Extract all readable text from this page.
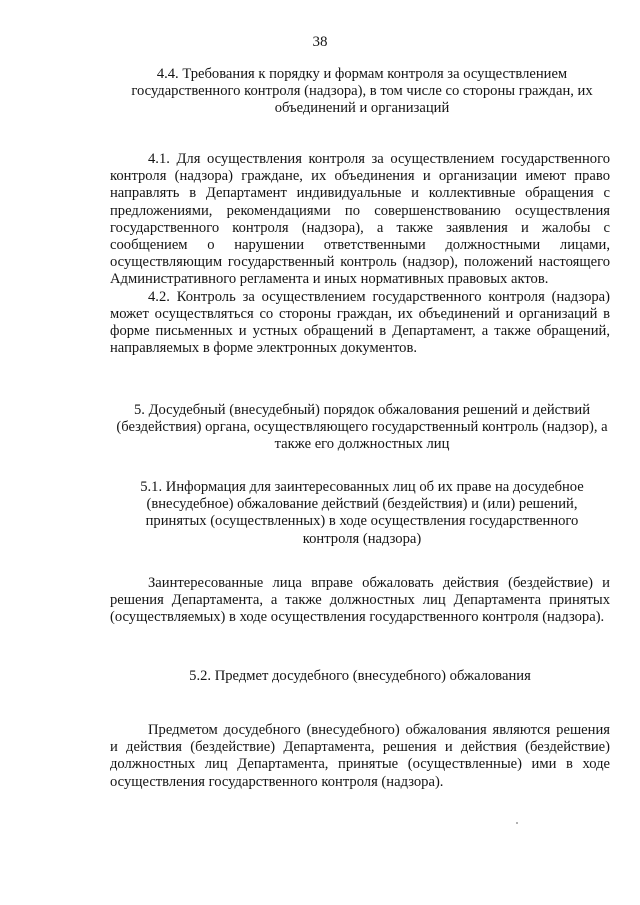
38
4.4. Требования к порядку и формам контроля за осуществлением государственного контроля (надзора), в том числе со стороны граждан, их объединений и организаций

4.1. Для осуществления контроля за осуществлением государственного контроля (надзора) граждане, их объединения и организации имеют право направлять в Департамент индивидуальные и коллективные обращения с предложениями, рекомендациями по совершенствованию осуществления государственного контроля (надзора), а также заявления и жалобы с сообщением о нарушении ответственными должностными лицами, осуществляющим государственный контроль (надзор), положений настоящего Административного регламента и иных нормативных правовых актов.

4.2. Контроль за осуществлением государственного контроля (надзора) может осуществляться со стороны граждан, их объединений и организаций в форме письменных и устных обращений в Департамент, а также обращений, направляемых в форме электронных документов.

5. Досудебный (внесудебный) порядок обжалования решений и действий (бездействия) органа, осуществляющего государственный контроль (надзор), а также его должностных лиц
5.1. Информация для заинтересованных лиц об их праве на досудебное (внесудебное) обжалование действий (бездействия) и (или) решений, принятых (осуществленных) в ходе осуществления государственного контроля (надзора)
Заинтересованные лица вправе обжаловать действия (бездействие) и решения Департамента, а также должностных лиц Департамента принятых (осуществляемых) в ходе осуществления государственного контроля (надзора).
5.2. Предмет досудебного (внесудебного) обжалования
Предметом досудебного (внесудебного) обжалования являются решения и действия (бездействие) Департамента, решения и действия (бездействие) должностных лиц Департамента, принятые (осуществленные) ими в ходе осуществления государственного контроля (надзора).
